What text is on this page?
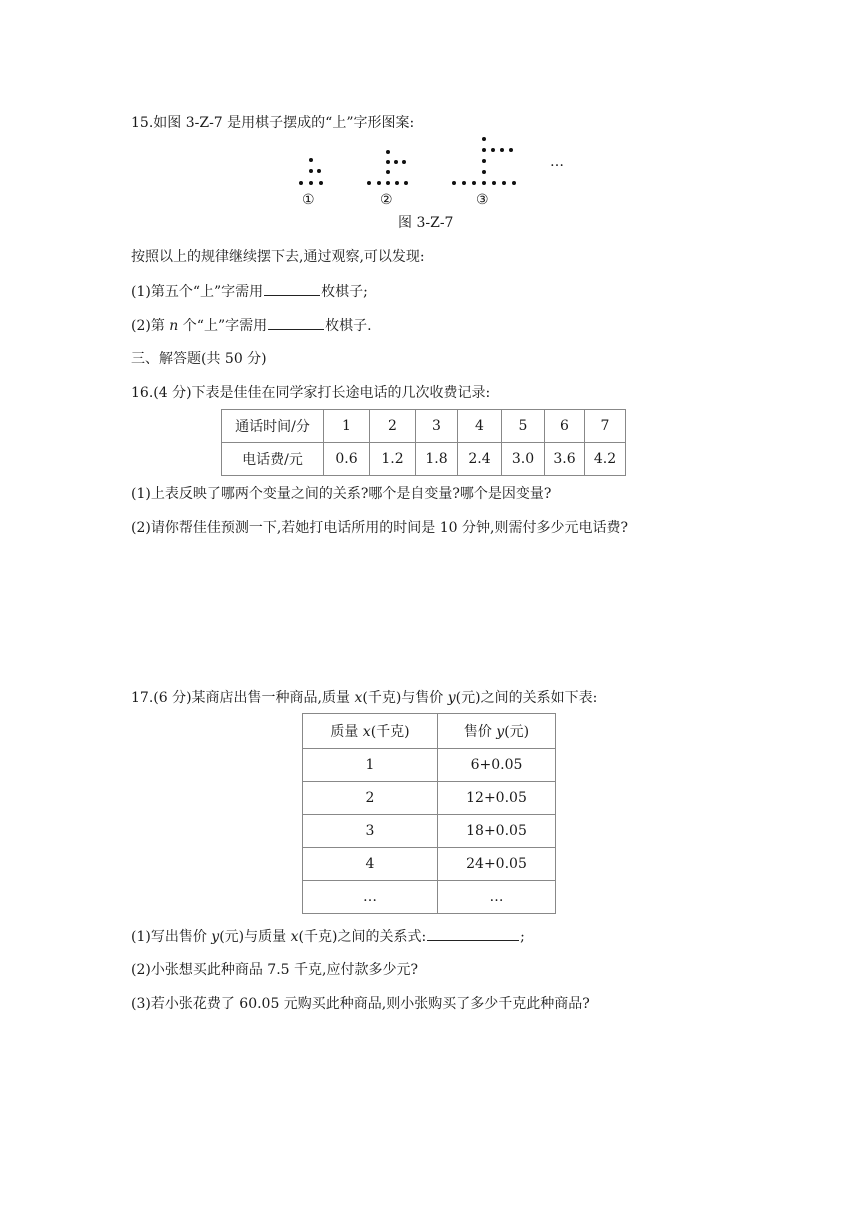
15.如图 3-Z-7 是用棋子摆成的“上”字形图案:
①	②	③
…
图 3-Z-7
按照以上的规律继续摆下去,通过观察,可以发现:
(1)第五个“上”字需用	枚棋子;
(2)第 n 个“上”字需用	枚棋子.
三、解答题(共 50 分)
16.(4 分)下表是佳佳在同学家打长途电话的几次收费记录:
通话时间/分	1	2	3	4	5	6	7
电话费/元	0.6	1.2	1.8	2.4	3.0	3.6	4.2
(1)上表反映了哪两个变量之间的关系?哪个是自变量?哪个是因变量?
(2)请你帮佳佳预测一下,若她打电话所用的时间是 10 分钟,则需付多少元电话费?
17.(6 分)某商店出售一种商品,质量 x(千克)与售价 y(元)之间的关系如下表:
质量 x(千克)	售价 y(元)
1	6+0.05
2	12+0.05
3	18+0.05
4	24+0.05
…	…
(1)写出售价 y(元)与质量 x(千克)之间的关系式:	;
(2)小张想买此种商品 7.5 千克,应付款多少元?
(3)若小张花费了 60.05 元购买此种商品,则小张购买了多少千克此种商品?
